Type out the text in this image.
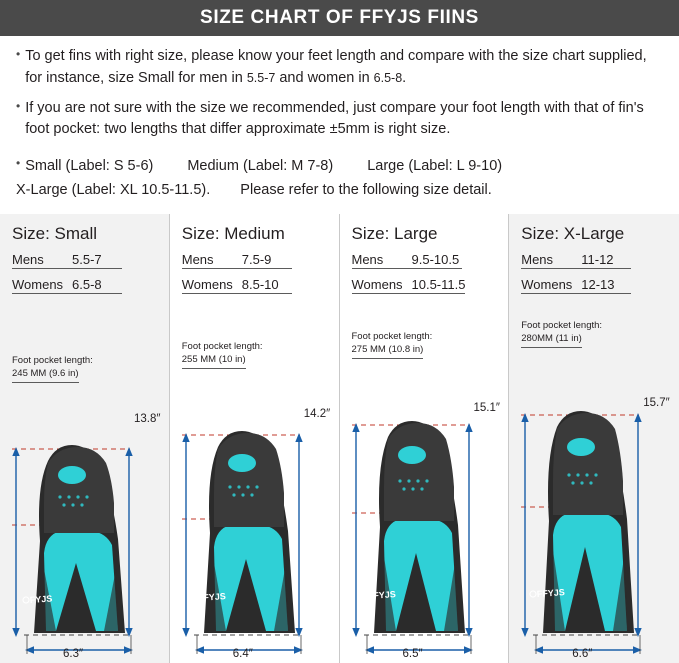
SIZE CHART OF FFYJS FIINS
• To get fins with right size, please know your feet length and compare with the size chart supplied, for instance, size Small for men in 5.5-7 and women in 6.5-8.
• If you are not sure with the size we recommended, just compare your foot length with that of fin's foot pocket: two lengths that differ approximate ±5mm is right size.
• Small (Label: S 5-6) Medium (Label: M 7-8) Large (Label: L 9-10)
X-Large (Label: XL 10.5-11.5). Please refer to the following size detail.
Size: Small
Mens 5.5-7
Womens 6.5-8
Foot pocket length:
245 MM (9.6 in)
FYJS
13.8″
6.3″
Size: Medium
Mens 7.5-9
Womens 8.5-10
Foot pocket length:
255 MM (10 in)
FFYJS
14.2″
6.4″
Size: Large
Mens 9.5-10.5
Womens 10.5-11.5
Foot pocket length:
275 MM (10.8 in)
FFYJS
15.1″
6.5″
Size: X-Large
Mens 11-12
Womens 12-13
Foot pocket length:
280MM (11 in)
FFYJS
15.7″
6.6″
